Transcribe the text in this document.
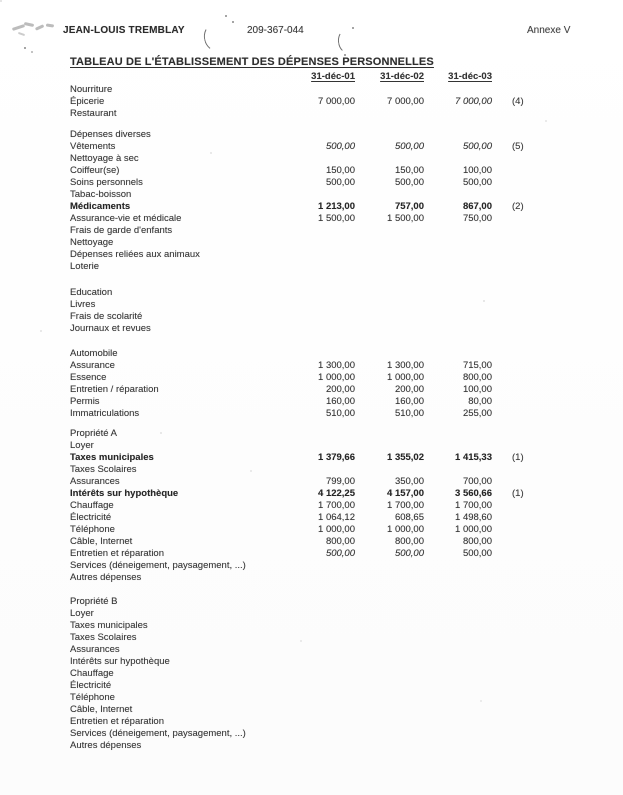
JEAN-LOUIS TREMBLAY	209-367-044	Annexe V
TABLEAU DE L'ÉTABLISSEMENT DES DÉPENSES PERSONNELLES
31-déc-01	31-déc-02	31-déc-03
Nourriture
Épicerie	7 000,00	7 000,00	7 000,00	(4)
Restaurant
Dépenses diverses
Vêtements	500,00	500,00	500,00	(5)
Nettoyage à sec
Coiffeur(se)	150,00	150,00	100,00
Soins personnels	500,00	500,00	500,00
Tabac-boisson
Médicaments	1 213,00	757,00	867,00	(2)
Assurance-vie et médicale	1 500,00	1 500,00	750,00
Frais de garde d'enfants
Nettoyage
Dépenses reliées aux animaux
Loterie
Education
Livres
Frais de scolarité
Journaux et revues
Automobile
Assurance	1 300,00	1 300,00	715,00
Essence	1 000,00	1 000,00	800,00
Entretien / réparation	200,00	200,00	100,00
Permis	160,00	160,00	80,00
Immatriculations	510,00	510,00	255,00
Propriété A
Loyer
Taxes municipales	1 379,66	1 355,02	1 415,33	(1)
Taxes Scolaires
Assurances	799,00	350,00	700,00
Intérêts sur hypothèque	4 122,25	4 157,00	3 560,66	(1)
Chauffage	1 700,00	1 700,00	1 700,00
Électricité	1 064,12	608,65	1 498,60
Téléphone	1 000,00	1 000,00	1 000,00
Câble, Internet	800,00	800,00	800,00
Entretien et réparation	500,00	500,00	500,00
Services (déneigement, paysagement, ...)
Autres dépenses
Propriété B
Loyer
Taxes municipales
Taxes Scolaires
Assurances
Intérêts sur hypothèque
Chauffage
Électricité
Téléphone
Câble, Internet
Entretien et réparation
Services (déneigement, paysagement, ...)
Autres dépenses
